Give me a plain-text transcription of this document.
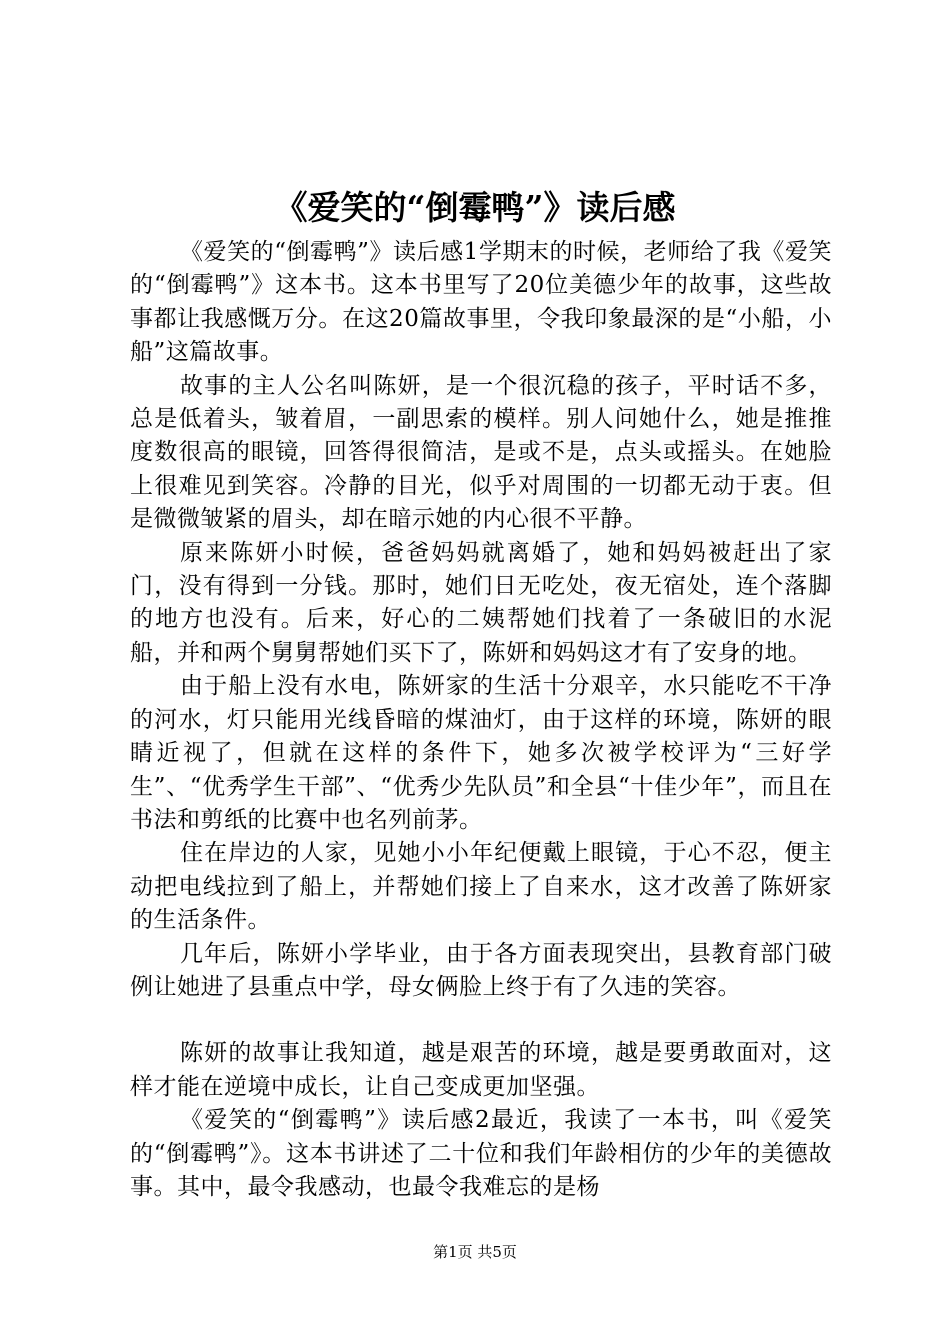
《爱笑的“倒霉鸭”》读后感

《爱笑的“倒霉鸭”》读后感1学期末的时候，老师给了我《爱笑的“倒霉鸭”》这本书。这本书里写了20位美德少年的故事，这些故事都让我感慨万分。在这20篇故事里，令我印象最深的是“小船，小船”这篇故事。

故事的主人公名叫陈妍，是一个很沉稳的孩子，平时话不多，总是低着头，皱着眉，一副思索的模样。别人问她什么，她是推推度数很高的眼镜，回答得很简洁，是或不是，点头或摇头。在她脸上很难见到笑容。冷静的目光，似乎对周围的一切都无动于衷。但是微微皱紧的眉头，却在暗示她的内心很不平静。

原来陈妍小时候，爸爸妈妈就离婚了，她和妈妈被赶出了家门，没有得到一分钱。那时，她们日无吃处，夜无宿处，连个落脚的地方也没有。后来，好心的二姨帮她们找着了一条破旧的水泥船，并和两个舅舅帮她们买下了，陈妍和妈妈这才有了安身的地。

由于船上没有水电，陈妍家的生活十分艰辛，水只能吃不干净的河水，灯只能用光线昏暗的煤油灯，由于这样的环境，陈妍的眼睛近视了，但就在这样的条件下，她多次被学校评为“三好学生”、“优秀学生干部”、“优秀少先队员”和全县“十佳少年”，而且在书法和剪纸的比赛中也名列前茅。

住在岸边的人家，见她小小年纪便戴上眼镜，于心不忍，便主动把电线拉到了船上，并帮她们接上了自来水，这才改善了陈妍家的生活条件。

几年后，陈妍小学毕业，由于各方面表现突出，县教育部门破例让她进了县重点中学，母女俩脸上终于有了久违的笑容。

陈妍的故事让我知道，越是艰苦的环境，越是要勇敢面对，这样才能在逆境中成长，让自己变成更加坚强。

《爱笑的“倒霉鸭”》读后感2最近，我读了一本书，叫《爱笑的“倒霉鸭”》。这本书讲述了二十位和我们年龄相仿的少年的美德故事。其中，最令我感动，也最令我难忘的是杨

第1页 共5页
